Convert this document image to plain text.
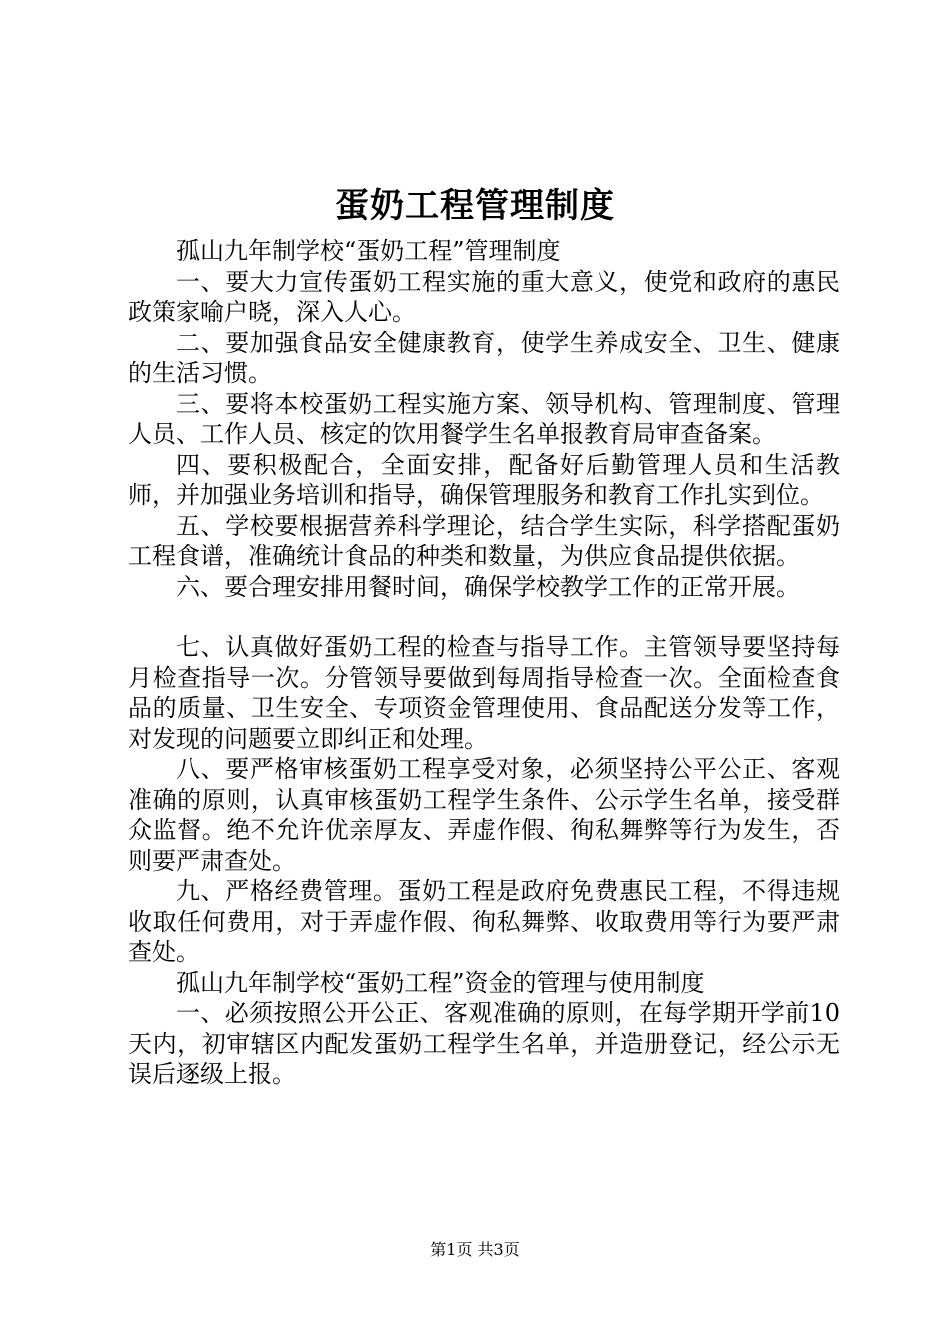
蛋奶工程管理制度

孤山九年制学校“蛋奶工程”管理制度

一、要大力宣传蛋奶工程实施的重大意义，使党和政府的惠民政策家喻户晓，深入人心。

二、要加强食品安全健康教育，使学生养成安全、卫生、健康的生活习惯。

三、要将本校蛋奶工程实施方案、领导机构、管理制度、管理人员、工作人员、核定的饮用餐学生名单报教育局审查备案。

四、要积极配合，全面安排，配备好后勤管理人员和生活教师，并加强业务培训和指导，确保管理服务和教育工作扎实到位。

五、学校要根据营养科学理论，结合学生实际，科学搭配蛋奶工程食谱，准确统计食品的种类和数量，为供应食品提供依据。

六、要合理安排用餐时间，确保学校教学工作的正常开展。

七、认真做好蛋奶工程的检查与指导工作。主管领导要坚持每月检查指导一次。分管领导要做到每周指导检查一次。全面检查食品的质量、卫生安全、专项资金管理使用、食品配送分发等工作，对发现的问题要立即纠正和处理。

八、要严格审核蛋奶工程享受对象，必须坚持公平公正、客观准确的原则，认真审核蛋奶工程学生条件、公示学生名单，接受群众监督。绝不允许优亲厚友、弄虚作假、徇私舞弊等行为发生，否则要严肃查处。

九、严格经费管理。蛋奶工程是政府免费惠民工程，不得违规收取任何费用，对于弄虚作假、徇私舞弊、收取费用等行为要严肃查处。

孤山九年制学校“蛋奶工程”资金的管理与使用制度

一、必须按照公开公正、客观准确的原则，在每学期开学前10天内，初审辖区内配发蛋奶工程学生名单，并造册登记，经公示无误后逐级上报。

第1页 共3页
